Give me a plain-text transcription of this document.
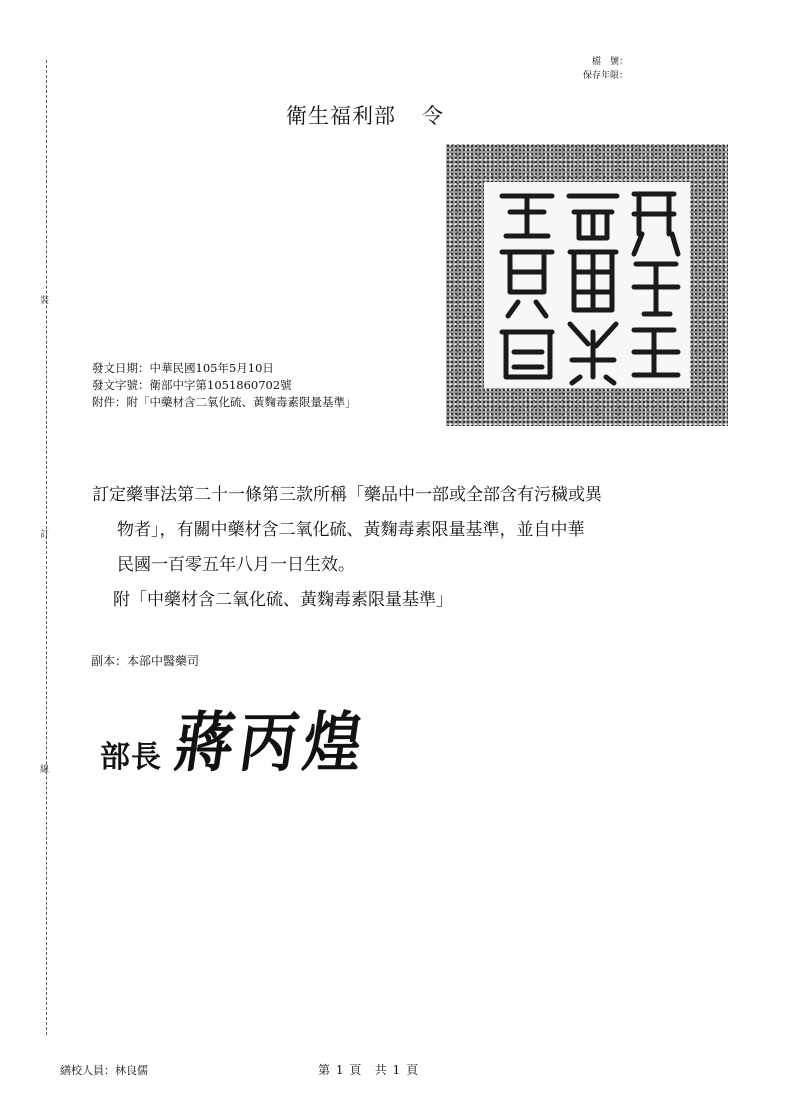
裝
訂
線
檔　號：
保存年限：
衛生福利部 令
發文日期：中華民國105年5月10日
發文字號：衛部中字第1051860702號
附件：附「中藥材含二氧化硫、黃麴毒素限量基準」
訂定藥事法第二十一條第三款所稱「藥品中一部或全部含有污穢或異
物者」，有關中藥材含二氧化硫、黃麴毒素限量基準，並自中華
民國一百零五年八月一日生效。
附「中藥材含二氧化硫、黃麴毒素限量基準」
副本：本部中醫藥司
部長 蔣丙煌
繕校人員：林良儒	第 1 頁 共 1 頁
